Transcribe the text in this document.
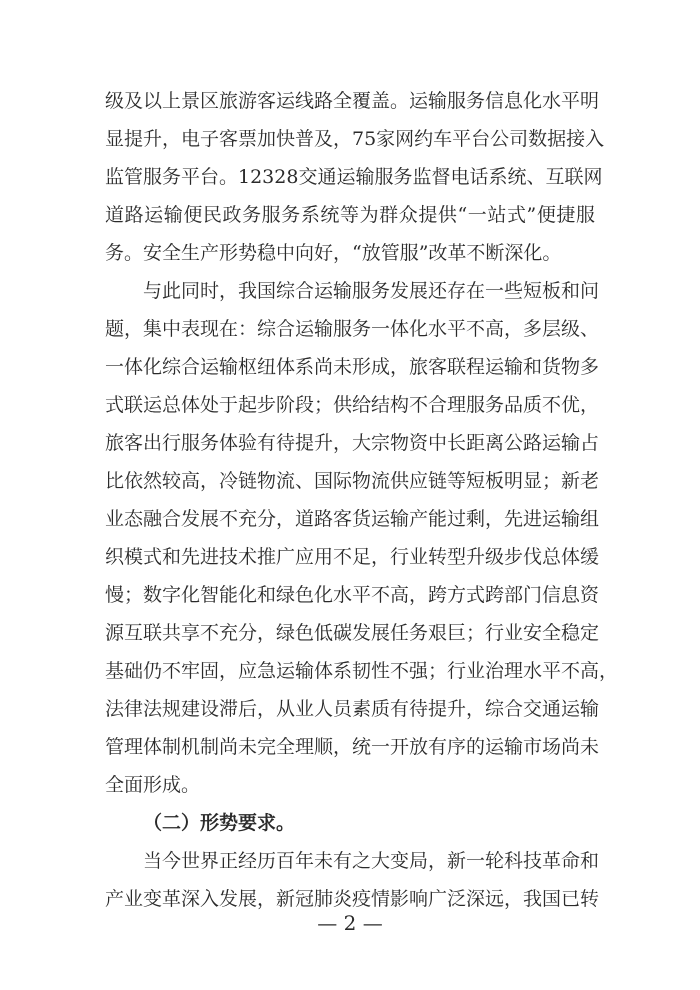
级及以上景区旅游客运线路全覆盖。运输服务信息化水平明
显提升，电子客票加快普及，75家网约车平台公司数据接入
监管服务平台。12328交通运输服务监督电话系统、互联网
道路运输便民政务服务系统等为群众提供“一站式”便捷服
务。安全生产形势稳中向好，“放管服”改革不断深化。
与此同时，我国综合运输服务发展还存在一些短板和问
题，集中表现在：综合运输服务一体化水平不高，多层级、
一体化综合运输枢纽体系尚未形成，旅客联程运输和货物多
式联运总体处于起步阶段；供给结构不合理服务品质不优，
旅客出行服务体验有待提升，大宗物资中长距离公路运输占
比依然较高，冷链物流、国际物流供应链等短板明显；新老
业态融合发展不充分，道路客货运输产能过剩，先进运输组
织模式和先进技术推广应用不足，行业转型升级步伐总体缓
慢；数字化智能化和绿色化水平不高，跨方式跨部门信息资
源互联共享不充分，绿色低碳发展任务艰巨；行业安全稳定
基础仍不牢固，应急运输体系韧性不强；行业治理水平不高，
法律法规建设滞后，从业人员素质有待提升，综合交通运输
管理体制机制尚未完全理顺，统一开放有序的运输市场尚未
全面形成。
（二）形势要求。
当今世界正经历百年未有之大变局，新一轮科技革命和
产业变革深入发展，新冠肺炎疫情影响广泛深远，我国已转
— 2 —
